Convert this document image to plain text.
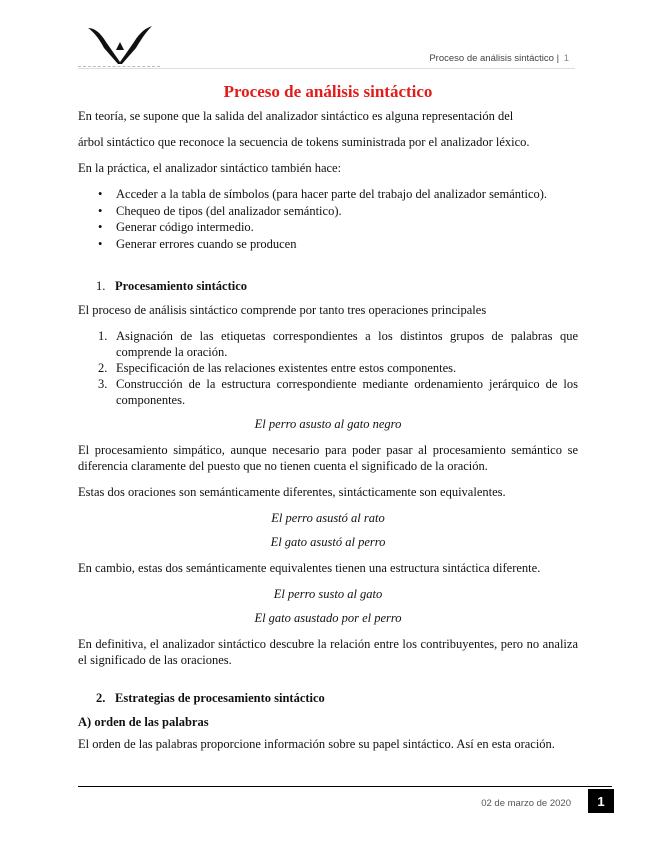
Proceso de análisis sintáctico | 1
Proceso de análisis sintáctico

En teoría, se supone que la salida del analizador sintáctico es alguna representación del

árbol sintáctico que reconoce la secuencia de tokens suministrada por el analizador léxico.

En la práctica, el analizador sintáctico también hace:

• Acceder a la tabla de símbolos (para hacer parte del trabajo del analizador semántico).
• Chequeo de tipos (del analizador semántico).
• Generar código intermedio.
• Generar errores cuando se producen
1. Procesamiento sintáctico

El proceso de análisis sintáctico comprende por tanto tres operaciones principales

1. Asignación de las etiquetas correspondientes a los distintos grupos de palabras que comprende la oración.
2. Especificación de las relaciones existentes entre estos componentes.
3. Construcción de la estructura correspondiente mediante ordenamiento jerárquico de los componentes.

El perro asusto al gato negro

El procesamiento simpático, aunque necesario para poder pasar al procesamiento semántico se diferencia claramente del puesto que no tienen cuenta el significado de la oración.

Estas dos oraciones son semánticamente diferentes, sintácticamente son equivalentes.

El perro asustó al rato

El gato asustó al perro

En cambio, estas dos semánticamente equivalentes tienen una estructura sintáctica diferente.

El perro susto al gato

El gato asustado por el perro

En definitiva, el analizador sintáctico descubre la relación entre los contribuyentes, pero no analiza el significado de las oraciones.

2. Estrategias de procesamiento sintáctico

A) orden de las palabras

El orden de las palabras proporcione información sobre su papel sintáctico. Así en esta oración.

02 de marzo de 2020	1
